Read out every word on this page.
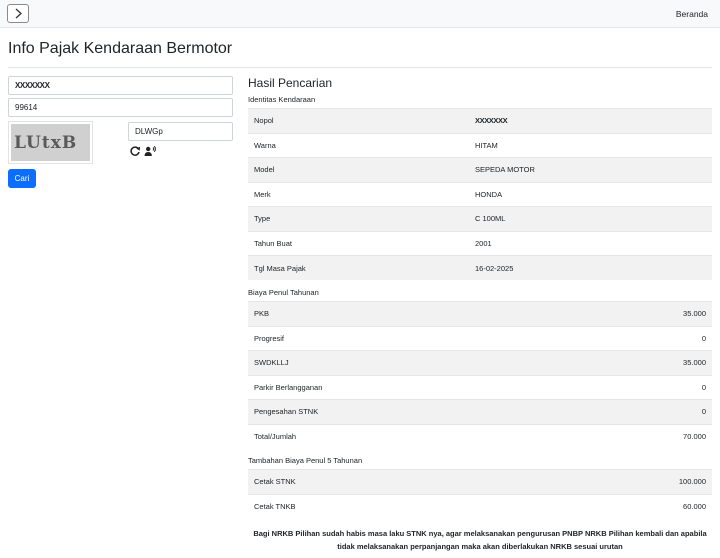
Beranda
Info Pajak Kendaraan Bermotor
XXXXXXX
99614
LUtxB
DLWGp
Cari
Hasil Pencarian
Identitas Kendaraan
Nopol	XXXXXXX
Warna	HITAM
Model	SEPEDA MOTOR
Merk	HONDA
Type	C 100ML
Tahun Buat	2001
Tgl Masa Pajak	16-02-2025
Biaya Penul Tahunan
PKB	35.000
Progresif	0
SWDKLLJ	35.000
Parkir Berlangganan	0
Pengesahan STNK	0
Total/Jumlah	70.000
Tambahan Biaya Penul 5 Tahunan
Cetak STNK	100.000
Cetak TNKB	60.000
Bagi NRKB Pilihan sudah habis masa laku STNK nya, agar melaksanakan pengurusan PNBP NRKB Pilihan kembali dan apabila tidak melaksanakan perpanjangan maka akan diberlakukan NRKB sesuai urutan
